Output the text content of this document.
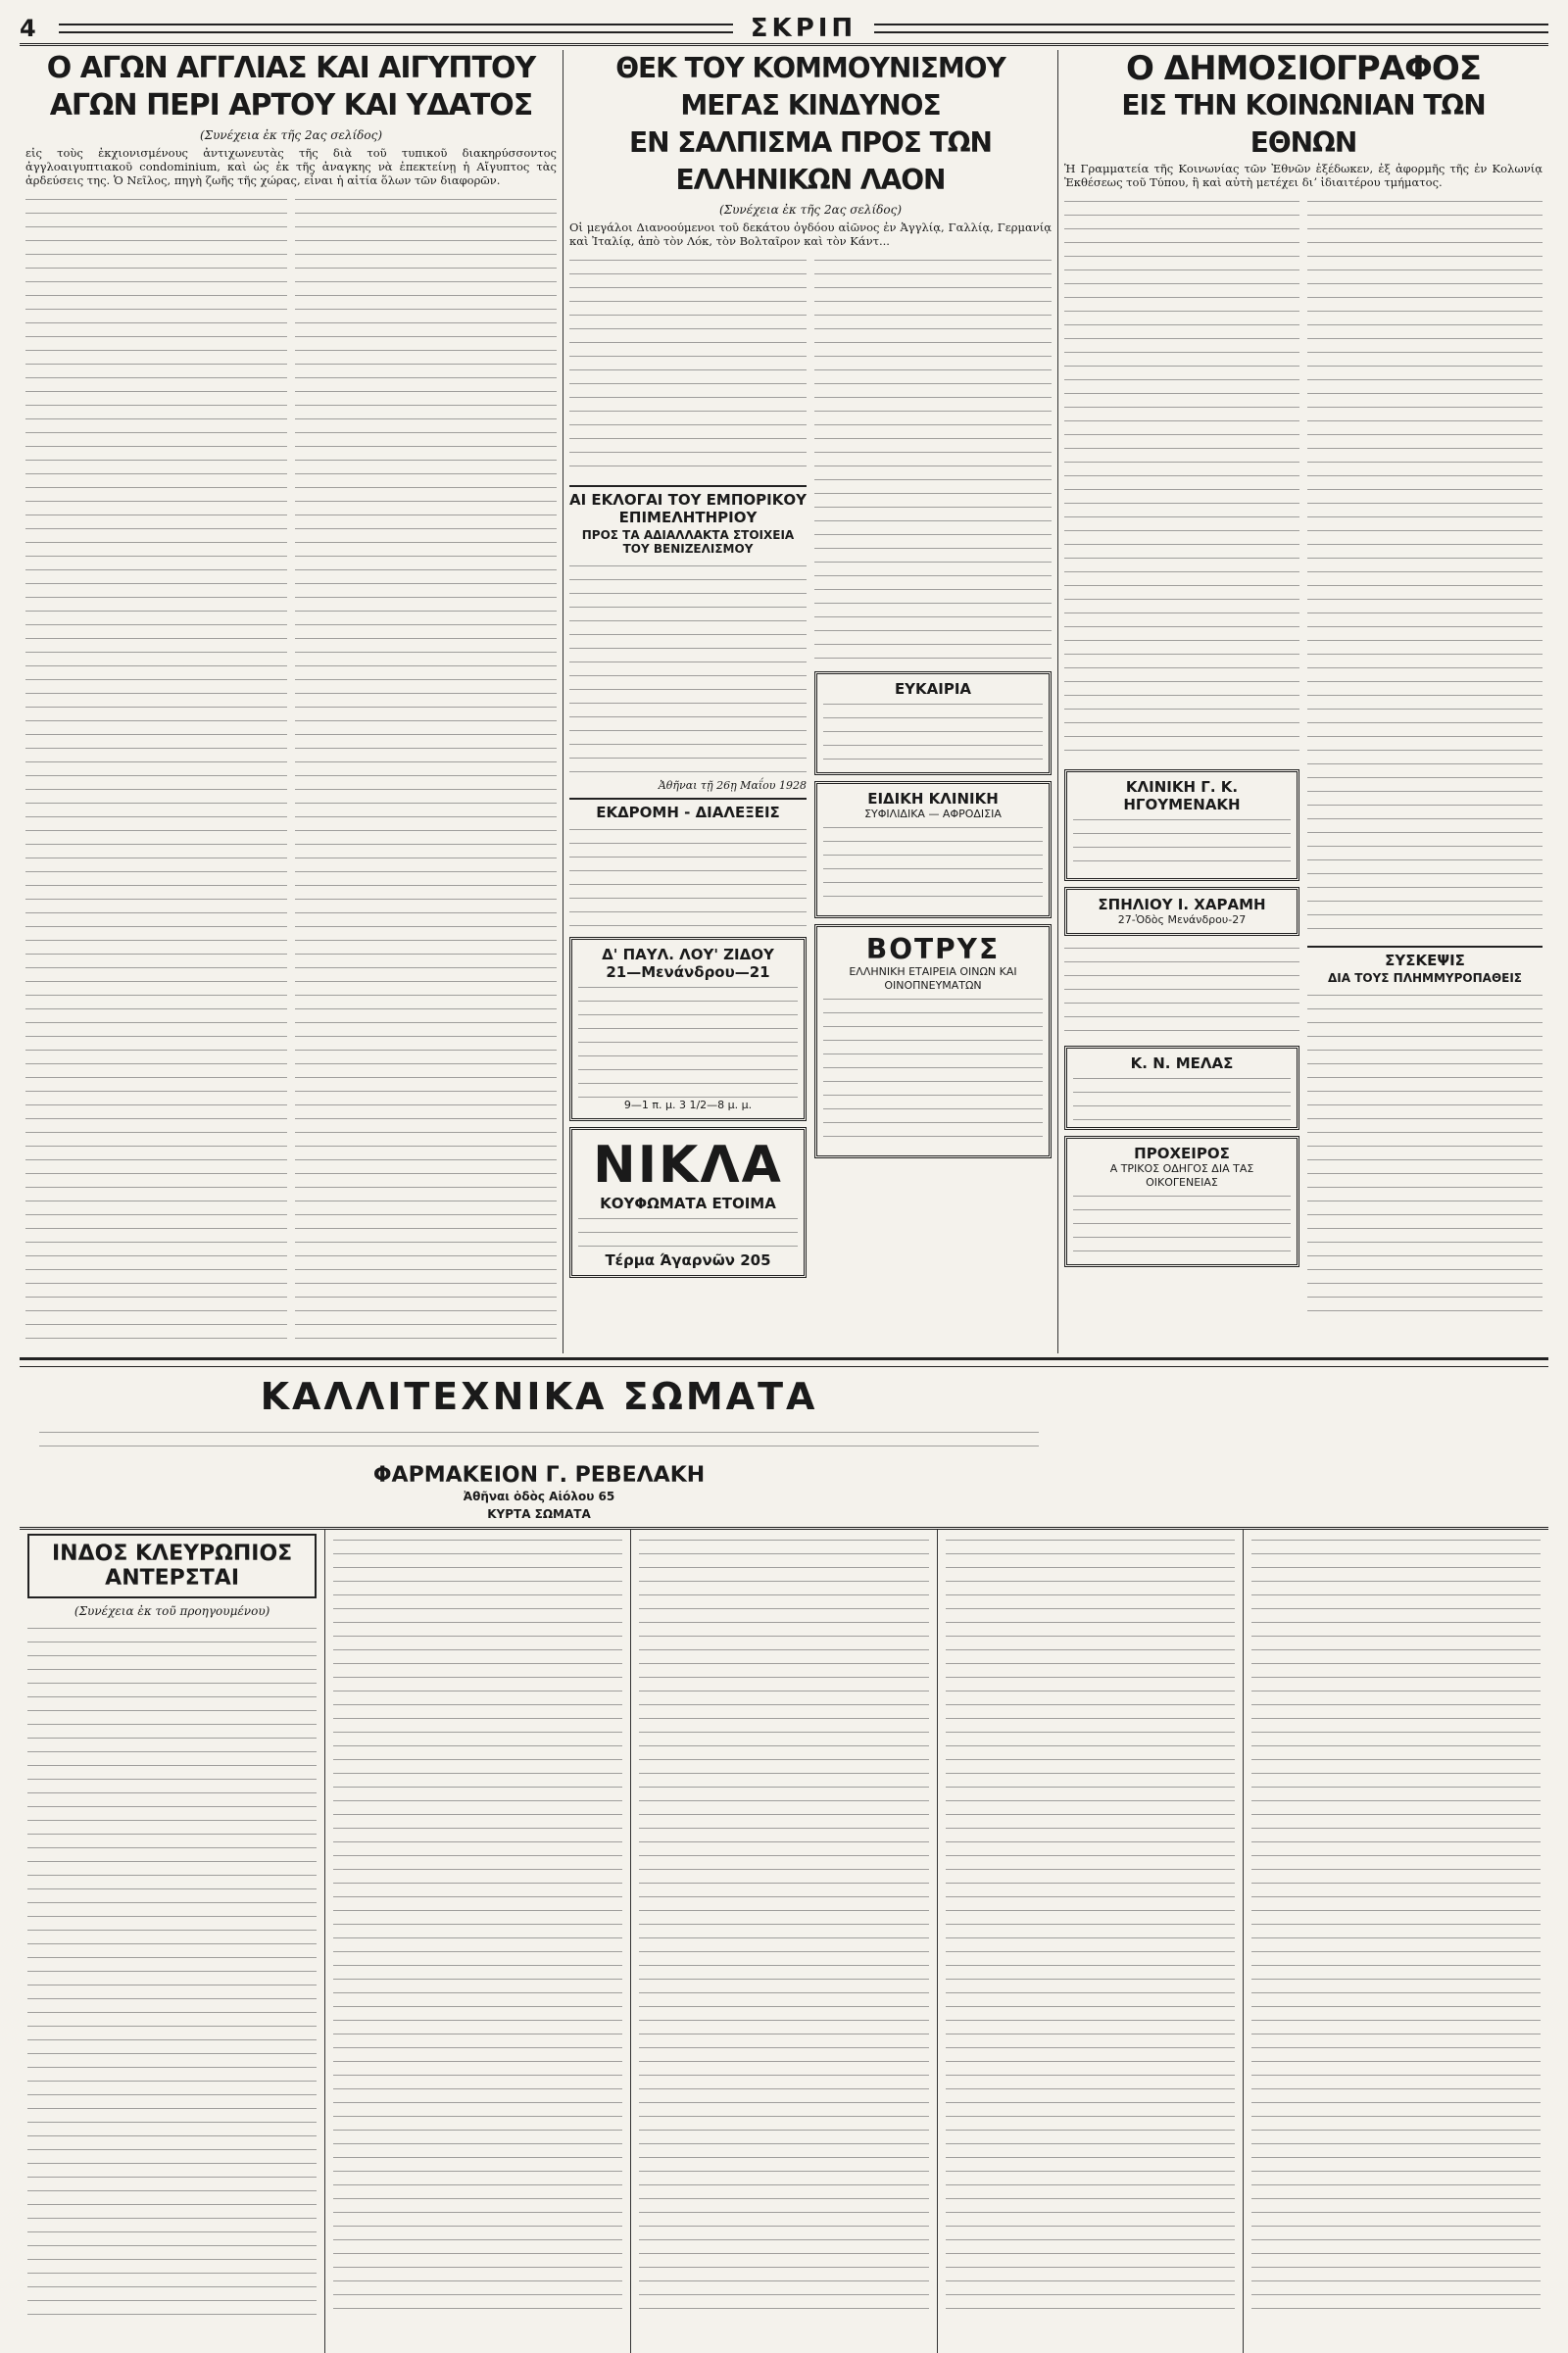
4	ΣΚΡΙΠ
Ο ΑΓΩΝ ΑΓΓΛΙΑΣ ΚΑΙ ΑΙΓΥΠΤΟΥ
ΑΓΩΝ ΠΕΡΙ ΑΡΤΟΥ ΚΑΙ ΥΔΑΤΟΣ
(Συνέχεια ἐκ τῆς 2ας σελίδος)

εἰς τοὺς ἐκχιονισμένους ἀντιχωνευτὰς τῆς διὰ τοῦ τυπικοῦ διακηρύσσοντος ἀγγλοαιγυπτιακοῦ condominium, καὶ ὡς ἐκ τῆς ἀναγκης νὰ ἐπεκτείνῃ ἡ Αἴγυπτος τὰς ἀρδεύσεις της. Ὁ Νεῖλος, πηγὴ ζωῆς τῆς χώρας, εἶναι ἡ αἰτία ὅλων τῶν διαφορῶν.

ΘΕΚ ΤΟΥ ΚΟΜΜΟΥΝΙΣΜΟΥ ΜΕΓΑΣ ΚΙΝΔΥΝΟΣ
ΕΝ ΣΑΛΠΙΣΜΑ ΠΡΟΣ ΤΩΝ ΕΛΛΗΝΙΚΩΝ ΛΑΟΝ
(Συνέχεια ἐκ τῆς 2ας σελίδος)

Οἱ μεγάλοι Διανοούμενοι τοῦ δεκάτου ὀγδόου αἰῶνος ἐν Ἀγγλίᾳ, Γαλλίᾳ, Γερμανίᾳ καὶ Ἰταλίᾳ, ἀπὸ τὸν Λόκ, τὸν Βολταῖρον καὶ τὸν Κάντ...

ΑΙ ΕΚΛΟΓΑΙ ΤΟΥ ΕΜΠΟΡΙΚΟΥ ΕΠΙΜΕΛΗΤΗΡΙΟΥ
ΠΡΟΣ ΤΑ ΑΔΙΑΛΛΑΚΤΑ ΣΤΟΙΧΕΙΑ ΤΟΥ ΒΕΝΙΖΕΛΙΣΜΟΥ
Ἀθῆναι τῇ 26ῃ Μαΐου 1928
ΕΚΔΡΟΜΗ - ΔΙΑΛΕΞΕΙΣ
Δ' ΠΑΥΛ. ΛΟΥ' ΖΙΔΟΥ
21—Μενάνδρου—21
9—1 π. μ. 3 1/2—8 μ. μ.
ΝΙΚΛΑ
ΚΟΥΦΩΜΑΤΑ ΕΤΟΙΜΑ
Τέρμα Άγαρνῶν 205
ΕΥΚΑΙΡΙΑ
ΕΙΔΙΚΗ ΚΛΙΝΙΚΗ
ΣΥΦΙΛΙΔΙΚΑ — ΑΦΡΟΔΙΣΙΑ
ΒΟΤΡΥΣ
ΕΛΛΗΝΙΚΗ ΕΤΑΙΡΕΙΑ ΟΙΝΩΝ ΚΑΙ ΟΙΝΟΠΝΕΥΜΑΤΩΝ
Ο ΔΗΜΟΣΙΟΓΡΑΦΟΣ
ΕΙΣ ΤΗΝ ΚΟΙΝΩΝΙΑΝ ΤΩΝ ΕΘΝΩΝ

Ἡ Γραμματεία τῆς Κοινωνίας τῶν Ἐθνῶν ἐξέδωκεν, ἐξ ἀφορμῆς τῆς ἐν Κολωνίᾳ Ἐκθέσεως τοῦ Τύπου, ἣ καὶ αὐτὴ μετέχει διʼ ἰδιαιτέρου τμήματος.

ΚΛΙΝΙΚΗ Γ. Κ. ΗΓΟΥΜΕΝΑΚΗ
ΣΠΗΛΙΟΥ Ι. ΧΑΡΑΜΗ
27-Ὁδὸς Μενάνδρου-27
Κ. Ν. ΜΕΛΑΣ
ΠΡΟΧΕΙΡΟΣ
Α ΤΡΙΚΟΣ ΟΔΗΓΟΣ ΔΙΑ ΤΑΣ ΟΙΚΟΓΕΝΕΙΑΣ
ΣΥΣΚΕΨΙΣ
ΔΙΑ ΤΟΥΣ ΠΛΗΜΜΥΡΟΠΑΘΕΙΣ
ΚΑΛΛΙΤΕΧΝΙΚΑ ΣΩΜΑΤΑ
ΦΑΡΜΑΚΕΙΟΝ Γ. ΡΕΒΕΛΑΚΗ
Ἀθῆναι ὁδὸς Αἰόλου 65
ΚΥΡΤΑ ΣΩΜΑΤΑ
ΙΝΔΟΣ ΚΛΕΥΡΩΠΙΟΣ ΑΝΤΕΡΣΤΑΙ
(Συνέχεια ἐκ τοῦ προηγουμένου)
